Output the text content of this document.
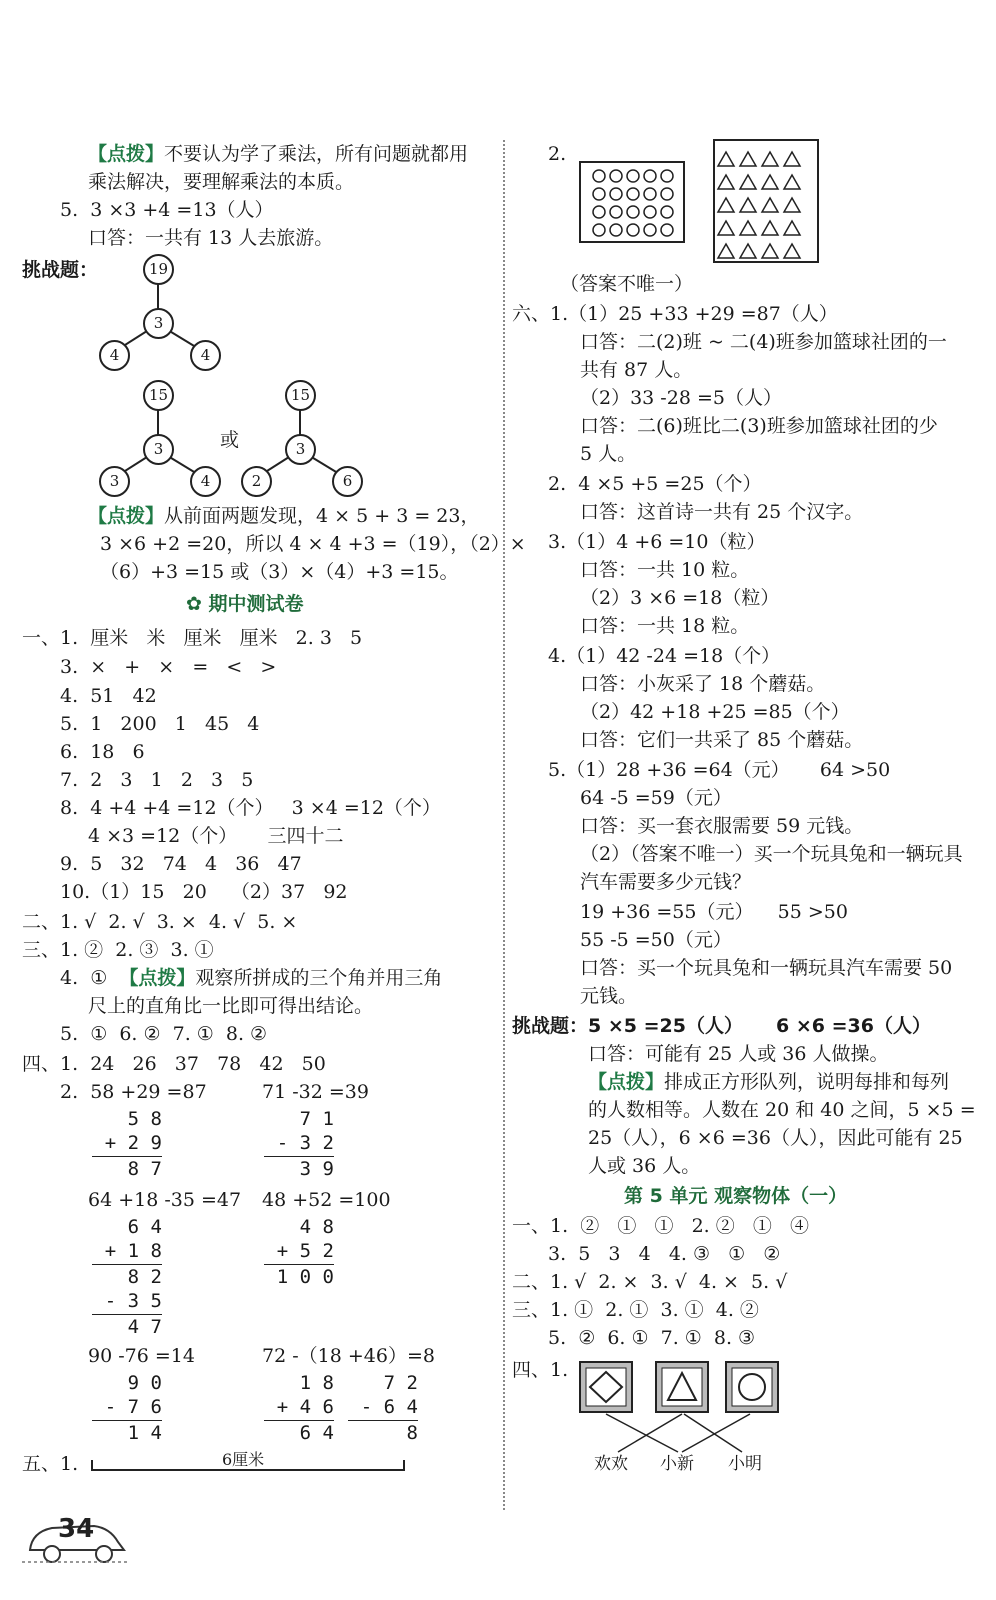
【点拨】不要认为学了乘法，所有问题就都用
乘法解决，要理解乘法的本质。
5.  3 ×3 +4 =13（人）
口答：一共有 13 人去旅游。
挑战题：	19
3
4	4
15
3
3	4
或
15
3
2	6
【点拨】从前面两题发现，4 × 5 + 3 = 23，
3 ×6 +2 =20，所以 4 × 4 +3 =（19），（2）×
（6）+3 =15 或（3）×（4）+3 =15。
✿ 期中测试卷
一、1.  厘米   米   厘米   厘米   2. 3   5
3.  ×   +   ×   =   <   >
4.  51   42
5.  1   200   1   45   4
6.  18   6
7.  2   3   1   2   3   5
8.  4 +4 +4 =12（个）   3 ×4 =12（个）
4 ×3 =12（个）     三四十二
9.  5   32   74   4   36   47
10.（1）15   20    （2）37   92
二、1. √  2. √  3. ×  4. √  5. ×
三、1. ②  2. ③  3. ①
4.  ①  【点拨】观察所拼成的三个角并用三角
尺上的直角比一比即可得出结论。
5.  ①  6. ②  7. ①  8. ②
四、1.  24   26   37   78   42   50
2.  58 +29 =87	71 -32 =39
5 8
+ 2 9
8 7
7 1
- 3 2
3 9
64 +18 -35 =47 48 +52 =100
6 4
+ 1 8
8 2
- 3 5
4 7
4 8
+ 5 2
1 0 0
90 -76 =14	72 -（18 +46）=8
9 0
- 7 6
1 4
1 8
+ 4 6
6 4
7 2
- 6 4
8
五、1.	6厘米
34
2.
（答案不唯一）
六、1.（1）25 +33 +29 =87（人）
口答：二(2)班 ~ 二(4)班参加篮球社团的一
共有 87 人。
（2）33 -28 =5（人）
口答：二(6)班比二(3)班参加篮球社团的少
5 人。
2.  4 ×5 +5 =25（个）
口答：这首诗一共有 25 个汉字。
3.（1）4 +6 =10（粒）
口答：一共 10 粒。
（2）3 ×6 =18（粒）
口答：一共 18 粒。
4.（1）42 -24 =18（个）
口答：小灰采了 18 个蘑菇。
（2）42 +18 +25 =85（个）
口答：它们一共采了 85 个蘑菇。
5.（1）28 +36 =64（元）     64 >50
64 -5 =59（元）
口答：买一套衣服需要 59 元钱。
（2）（答案不唯一）买一个玩具兔和一辆玩具
汽车需要多少元钱？
19 +36 =55（元）    55 >50
55 -5 =50（元）
口答：买一个玩具兔和一辆玩具汽车需要 50
元钱。
挑战题：5 ×5 =25（人）     6 ×6 =36（人）
口答：可能有 25 人或 36 人做操。
【点拨】排成正方形队列，说明每排和每列
的人数相等。人数在 20 和 40 之间，5 ×5 =
25（人），6 ×6 =36（人），因此可能有 25
人或 36 人。
第 5 单元 观察物体（一）
一、1.  ②   ①   ①   2. ②   ①   ④
3.  5   3   4   4. ③   ①   ②
二、1. √  2. ×  3. √  4. ×  5. √
三、1. ①  2. ①  3. ①  4. ②
5.  ②  6. ①  7. ①  8. ③
四、1.
欢欢 小新 小明
